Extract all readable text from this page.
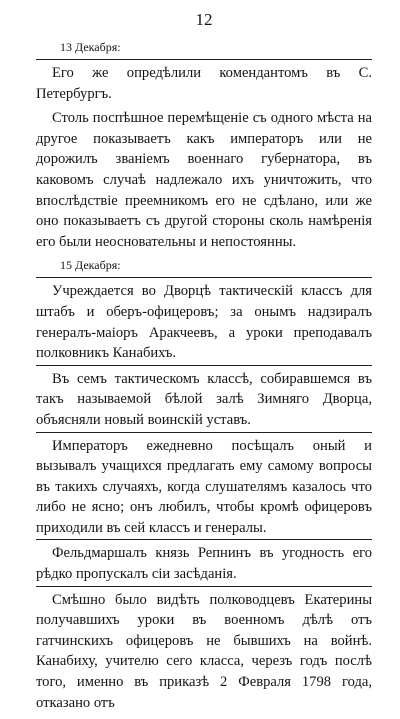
12
13 Декабря:

Его же опредѣлили комендантомъ въ С. Петербургъ.

Столь поспѣшное перемѣщеніе съ одного мѣста на другое показываетъ какъ императоръ или не дорожилъ званіемъ военнаго губернатора, въ каковомъ случаѣ надлежало ихъ уничтожить, что впослѣдствіе преемникомъ его не сдѣлано, или же оно показываетъ съ другой стороны сколь намѣренія его были неосновательны и непостоянны.

15 Декабря:

Учреждается во Дворцѣ тактическій классъ для штабъ и оберъ-офицеровъ; за онымъ надзиралъ генералъ-маіоръ Аракчеевъ, а уроки преподавалъ полковникъ Канабихъ.

Въ семъ тактическомъ классѣ, собиравшемся въ такъ называемой бѣлой залѣ Зимняго Дворца, объясняли новый воинскій уставъ.

Императоръ ежедневно посѣщалъ оный и вызывалъ учащихся предлагать ему самому вопросы въ такихъ случаяхъ, когда слушателямъ казалось что либо не ясно; онъ любилъ, чтобы кромѣ офицеровъ приходили въ сей классъ и генералы.

Фельдмаршалъ князь Репнинъ въ угодность его рѣдко пропускалъ сіи засѣданія.

Смѣшно было видѣть полководцевъ Екатерины получавшихъ уроки въ военномъ дѣлѣ отъ гатчинскихъ офицеровъ не бывшихъ на войнѣ. Канабиху, учителю сего класса, черезъ годъ послѣ того, именно въ приказѣ 2 Февраля 1798 года, отказано отъ
